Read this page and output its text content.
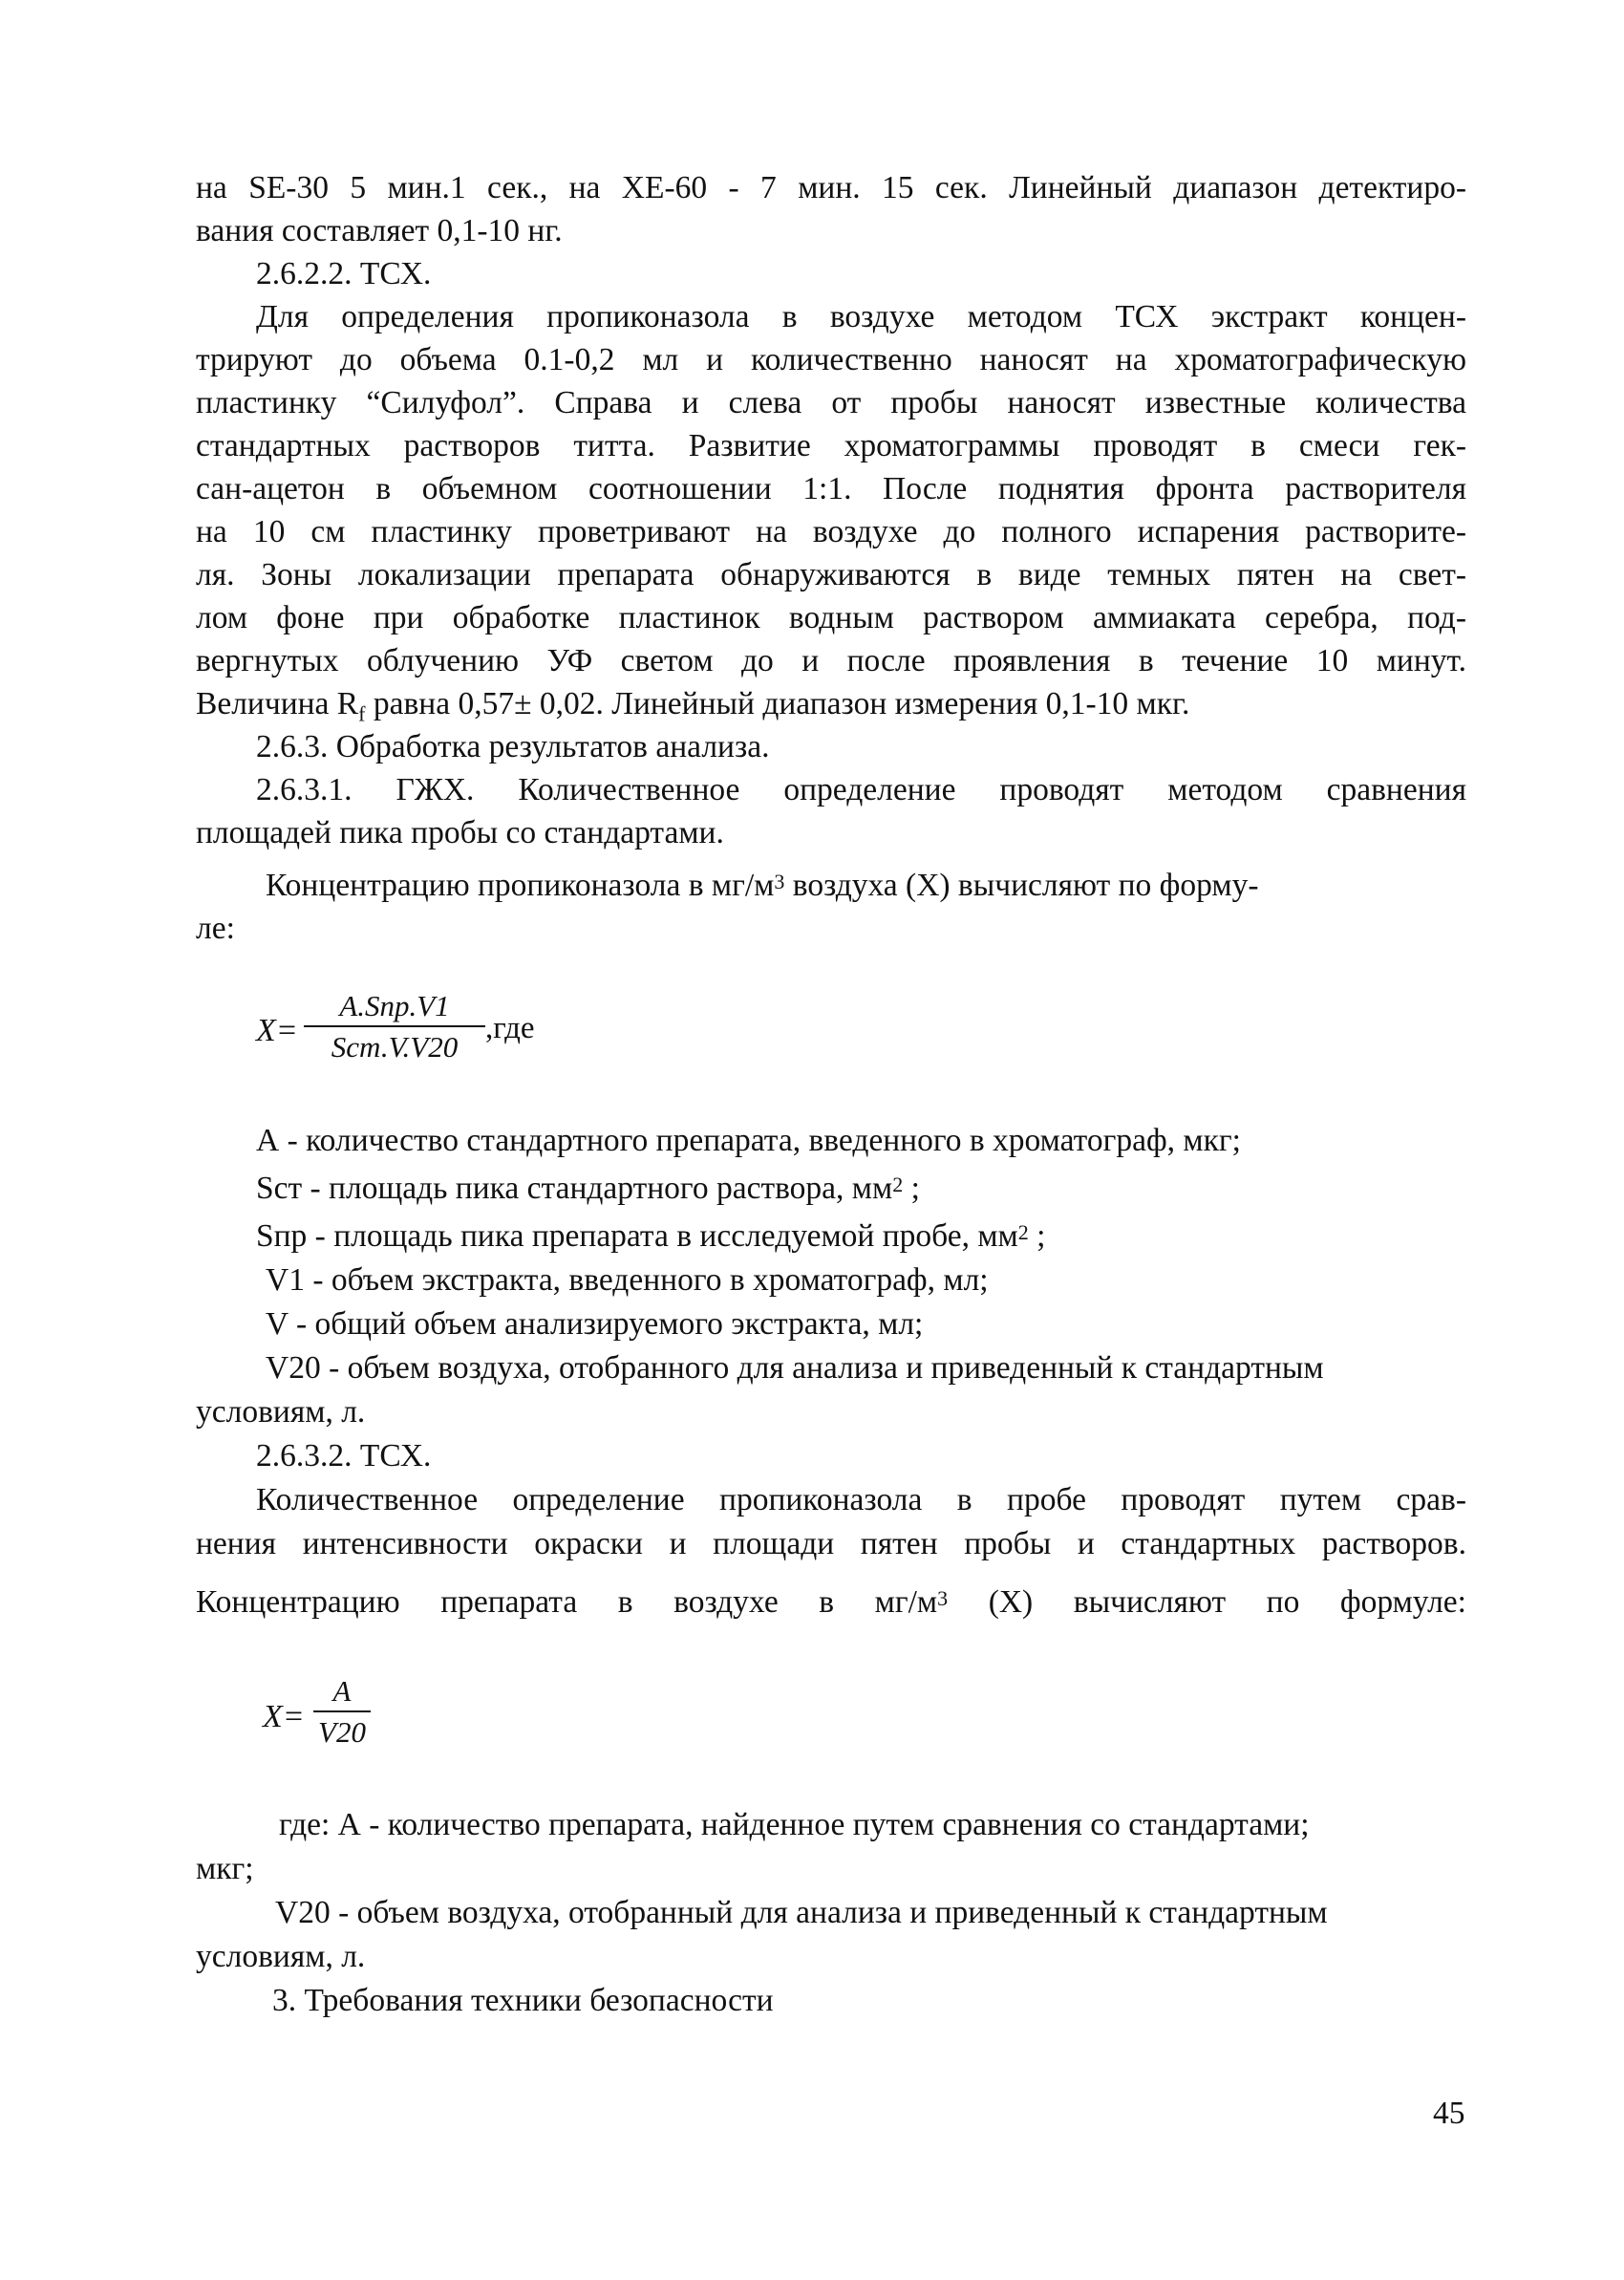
на SE-30 5 мин.1 сек., на XE-60 - 7 мин. 15 сек. Линейный диапазон детектиро-
вания составляет 0,1-10 нг.
2.6.2.2. ТСХ.
Для определения пропиконазола в воздухе методом ТСХ экстракт концен-
трируют до объема 0.1-0,2 мл и количественно наносят на хроматографическую
пластинку “Силуфол”. Справа и слева от пробы наносят известные количества
стандартных растворов титта. Развитие хроматограммы проводят в смеси гек-
сан-ацетон в объемном соотношении 1:1. После поднятия фронта растворителя
на 10 см пластинку проветривают на воздухе до полного испарения растворите-
ля. Зоны локализации препарата обнаруживаются в виде темных пятен на свет-
лом фоне при обработке пластинок водным раствором аммиаката серебра, под-
вергнутых облучению УФ светом до и после проявления в течение 10 минут.
Величина $R_f$ равна 0,57± 0,02. Линейный диапазон измерения 0,1-10 мкг.
2.6.3. Обработка результатов анализа.
2.6.3.1. ГЖХ. Количественное определение проводят методом сравнения
площадей пика пробы со стандартами.
Концентрацию пропиконазола в $мг/м^3$ воздуха (X) вычисляют по форму-
ле:
X=
A.Sпр.V1
Sст.V.V20
,где
А - количество стандартного препарата, введенного в хроматограф, мкг;
Sст - площадь пика стандартного раствора, $мм^2$ ;
Sпр - площадь пика препарата в исследуемой пробе, $мм^2$ ;
V1 - объем экстракта, введенного в хроматограф, мл;
V - общий объем анализируемого экстракта, мл;
V20 - объем воздуха, отобранного для анализа и приведенный к стандартным
условиям, л.
2.6.3.2. ТСХ.
Количественное определение пропиконазола в пробе проводят путем срав-
нения интенсивности окраски и площади пятен пробы и стандартных растворов.
Концентрацию препарата в воздухе в $мг/м^3$ (X) вычисляют по формуле:
X=
A
V20
где: А - количество препарата, найденное путем сравнения со стандартами;
мкг;
V20 - объем воздуха, отобранный для анализа и приведенный к стандартным
условиям, л.
3. Требования техники безопасности
45
